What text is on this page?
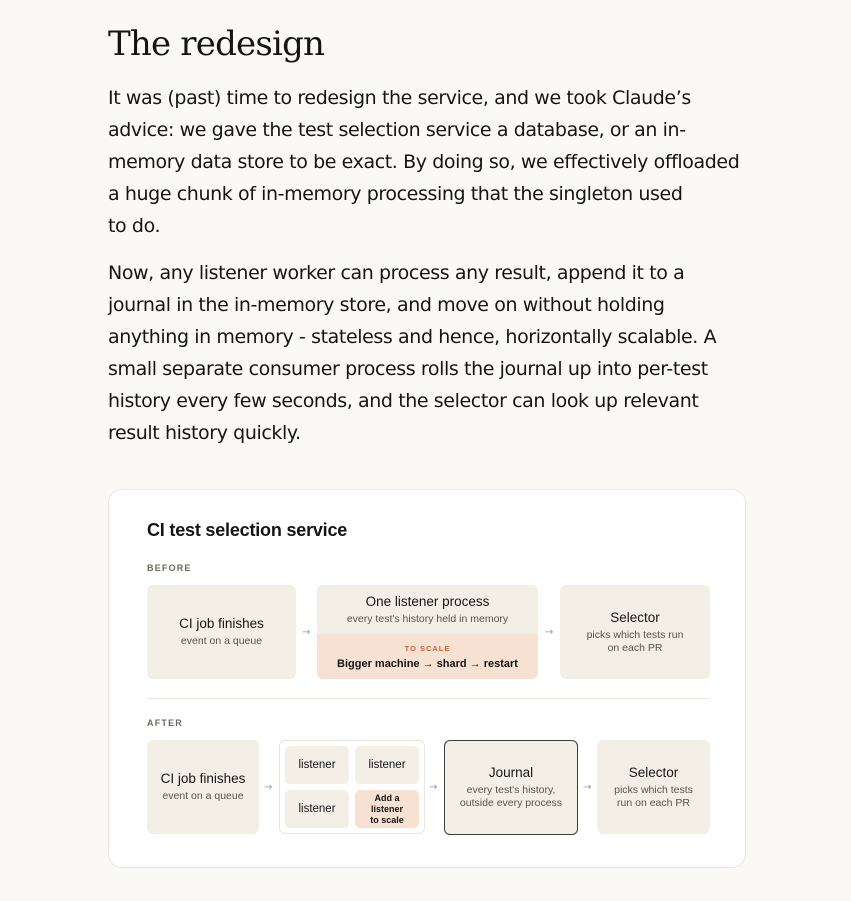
The redesign

It was (past) time to redesign the service, and we took Claude’s
advice: we gave the test selection service a database, or an in-
memory data store to be exact. By doing so, we effectively offloaded
a huge chunk of in-memory processing that the singleton used
to do.

Now, any listener worker can process any result, append it to a
journal in the in-memory store, and move on without holding
anything in memory - stateless and hence, horizontally scalable. A
small separate consumer process rolls the journal up into per-test
history every few seconds, and the selector can look up relevant
result history quickly.

CI test selection service
BEFORE
CI job finishes
event on a queue
→
One listener process
every test's history held in memory
TO SCALE
Bigger machine → shard → restart
→
Selector
picks which tests run
on each PR
AFTER
CI job finishes
event on a queue
→
listener	listener
listener
Add a
listener
to scale
→
Journal
every test's history,
outside every process
→
Selector
picks which tests
run on each PR
